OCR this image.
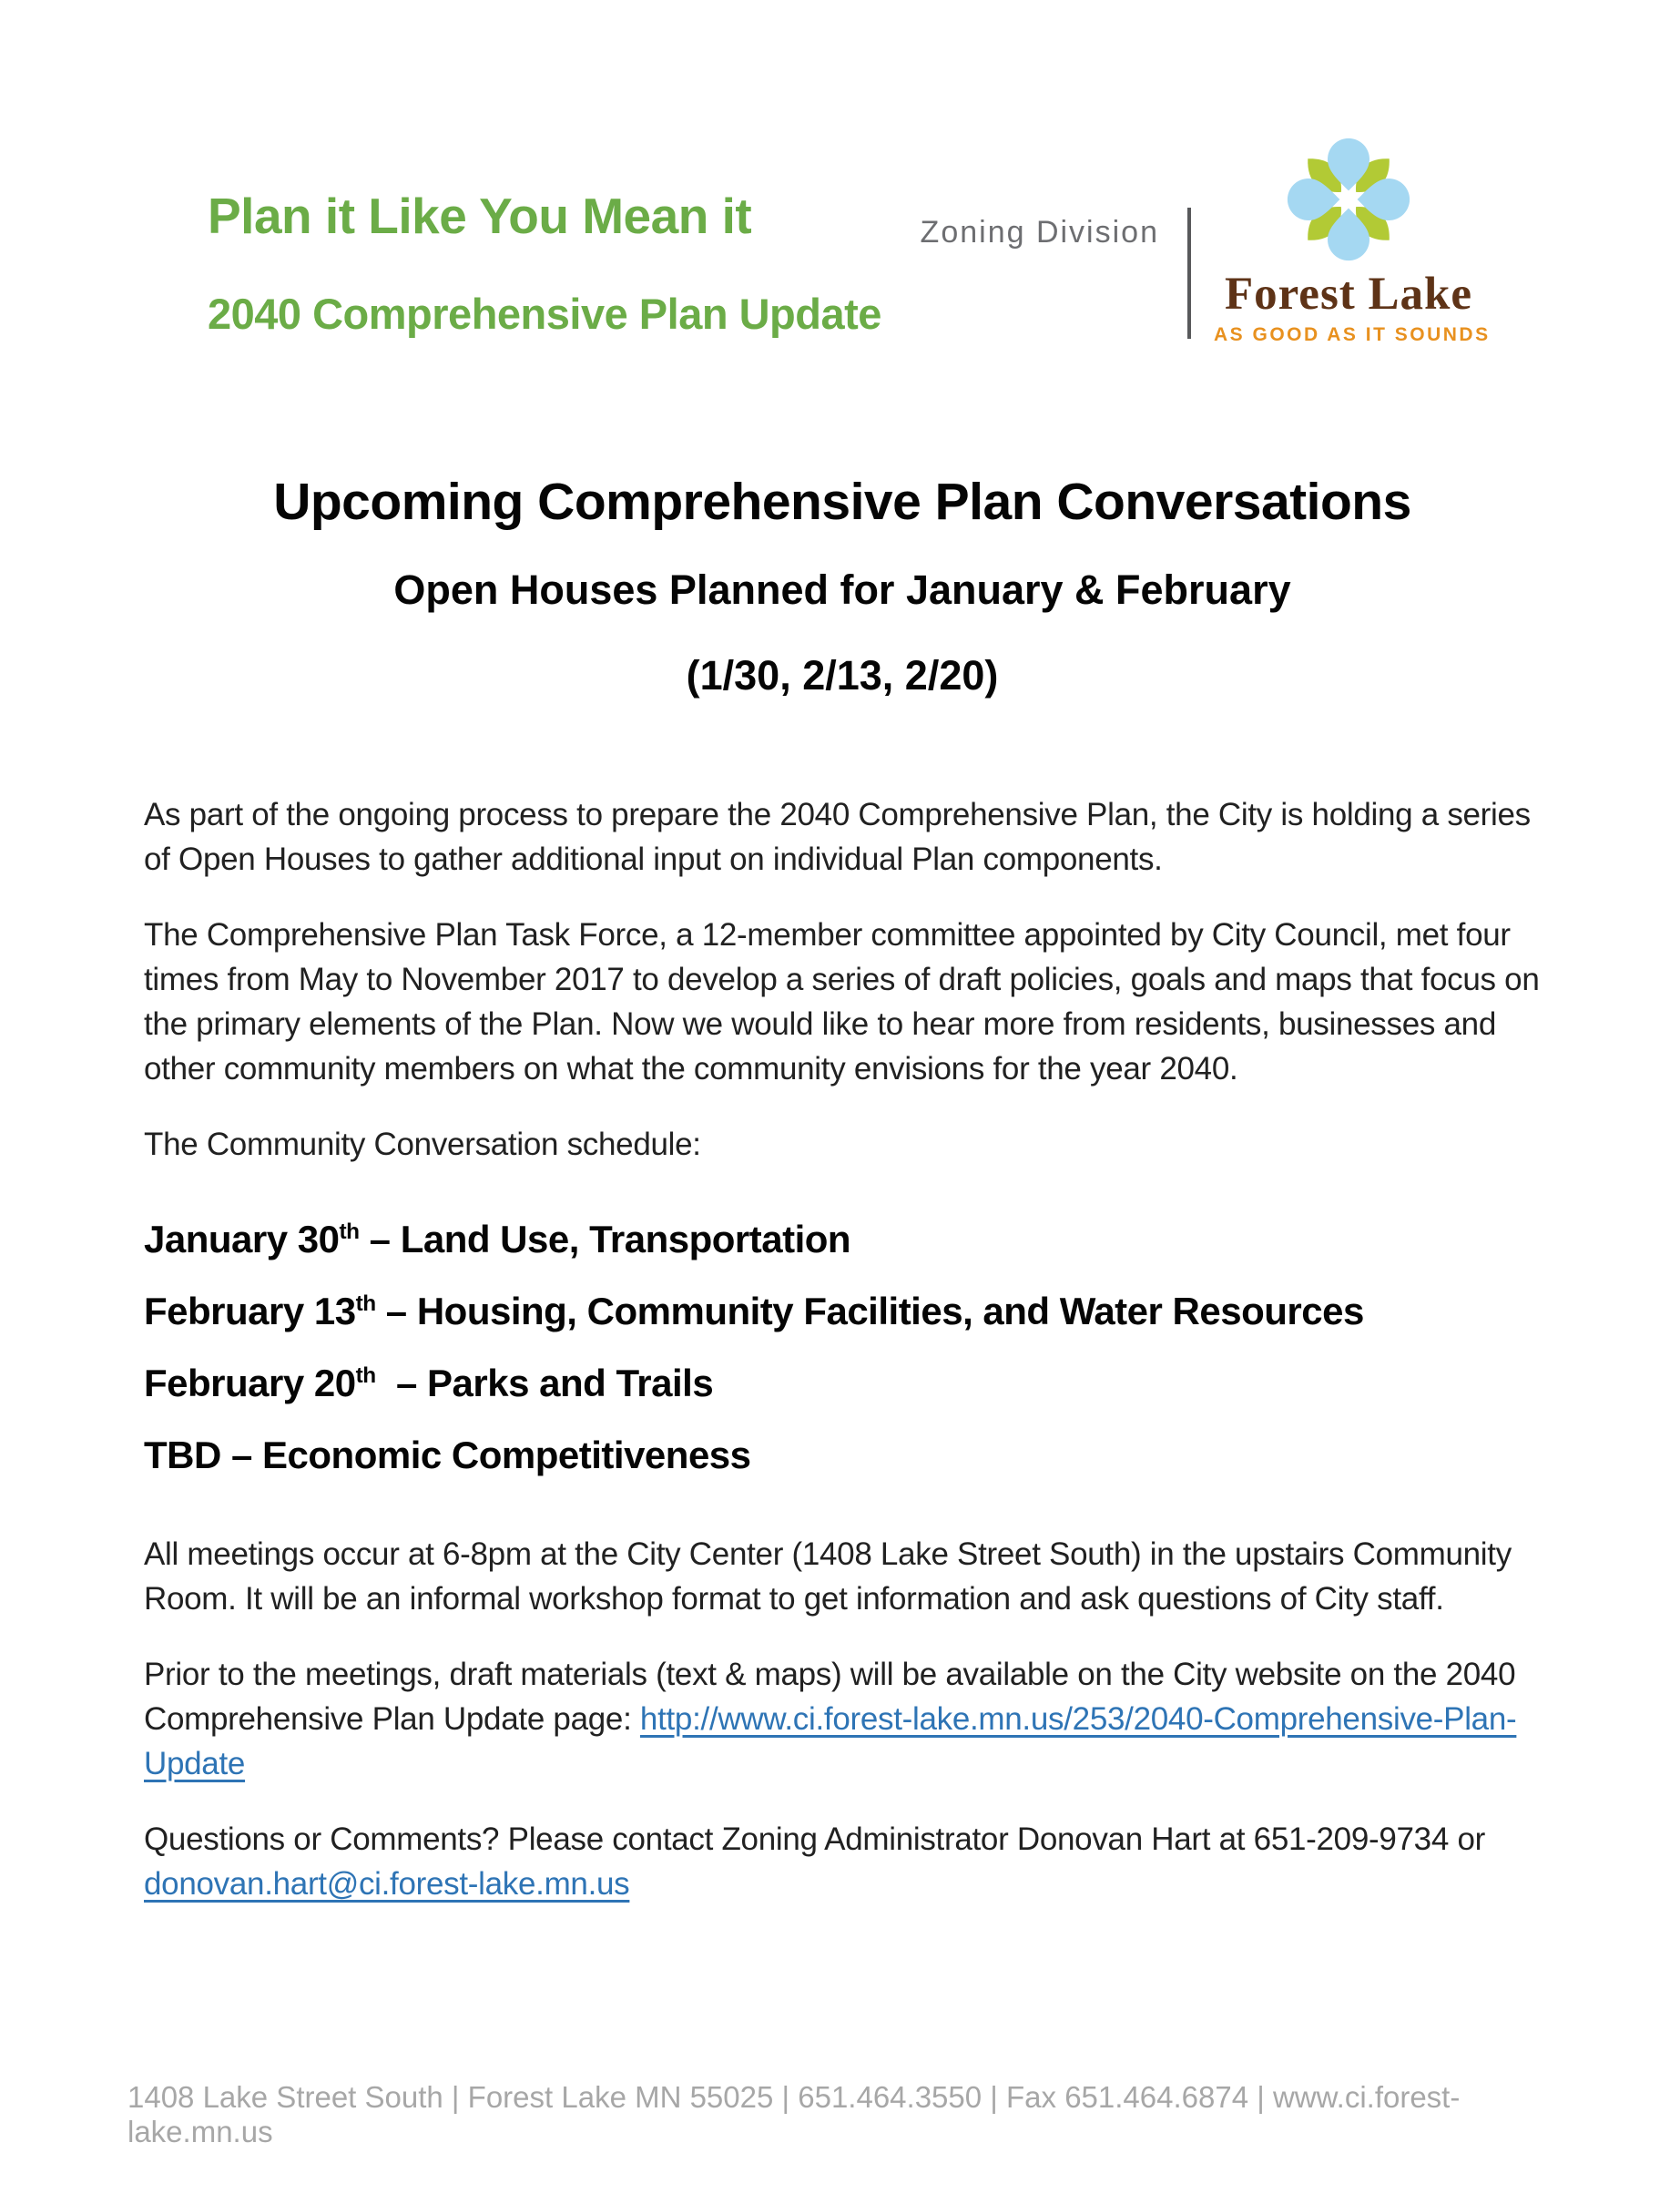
Plan it Like You Mean it
2040 Comprehensive Plan Update
Zoning Division
Forest Lake
AS GOOD AS IT SOUNDS
Upcoming Comprehensive Plan Conversations
Open Houses Planned for January & February
(1/30, 2/13, 2/20)

As part of the ongoing process to prepare the 2040 Comprehensive Plan, the City is holding a series of Open Houses to gather additional input on individual Plan components.

The Comprehensive Plan Task Force, a 12-member committee appointed by City Council, met four times from May to November 2017 to develop a series of draft policies, goals and maps that focus on the primary elements of the Plan. Now we would like to hear more from residents, businesses and other community members on what the community envisions for the year 2040.

The Community Conversation schedule:

January 30th – Land Use, Transportation

February 13th – Housing, Community Facilities, and Water Resources

February 20th  – Parks and Trails

TBD – Economic Competitiveness

All meetings occur at 6-8pm at the City Center (1408 Lake Street South) in the upstairs Community Room. It will be an informal workshop format to get information and ask questions of City staff.

Prior to the meetings, draft materials (text & maps) will be available on the City website on the 2040 Comprehensive Plan Update page: http://www.ci.forest-lake.mn.us/253/2040-Comprehensive-Plan-Update

Questions or Comments? Please contact Zoning Administrator Donovan Hart at 651-209-9734 or donovan.hart@ci.forest-lake.mn.us

1408 Lake Street South | Forest Lake MN 55025 | 651.464.3550 | Fax 651.464.6874 | www.ci.forest-lake.mn.us
